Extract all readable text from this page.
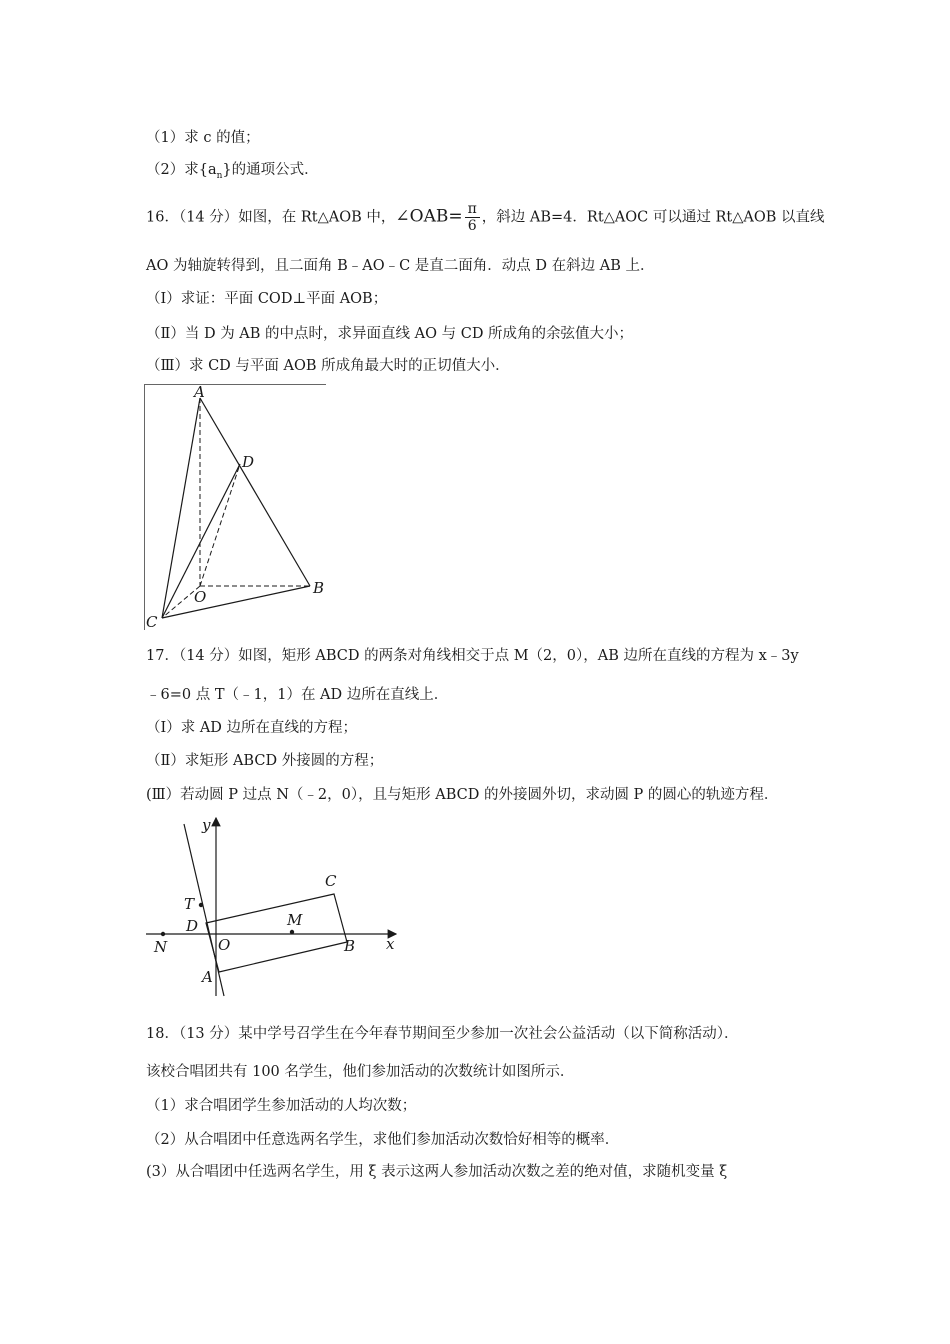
（1）求 c 的值；
（2）求$\{a_n\}$的通项公式．
16．（14 分）如图，在 Rt△AOB 中，∠OAB= $\frac{\pi}{6}$ ，斜边 AB=4．Rt△AOC 可以通过 Rt△AOB 以直线
AO 为轴旋转得到，且二面角 B﹣AO﹣C 是直二面角．动点 D 在斜边 AB 上．
（Ⅰ）求证：平面 COD⊥平面 AOB；
（Ⅱ）当 D 为 AB 的中点时，求异面直线 AO 与 CD 所成角的余弦值大小；
（Ⅲ）求 CD 与平面 AOB 所成角最大时的正切值大小．
A
D
B
O
C
17．（14 分）如图，矩形 ABCD 的两条对角线相交于点 M（2，0），AB 边所在直线的方程为 x﹣3y
﹣6=0 点 T（﹣1，1）在 AD 边所在直线上．
（Ⅰ）求 AD 边所在直线的方程；
（Ⅱ）求矩形 ABCD 外接圆的方程；
(Ⅲ）若动圆 P 过点 N（﹣2，0），且与矩形 ABCD 的外接圆外切，求动圆 P 的圆心的轨迹方程．
y
x
C
T
D	M
N	O	B
A
18．（13 分）某中学号召学生在今年春节期间至少参加一次社会公益活动（以下简称活动）．
该校合唱团共有 100 名学生，他们参加活动的次数统计如图所示．
（1）求合唱团学生参加活动的人均次数；
（2）从合唱团中任意选两名学生，求他们参加活动次数恰好相等的概率．
(3）从合唱团中任选两名学生，用 ξ 表示这两人参加活动次数之差的绝对值，求随机变量 ξ
